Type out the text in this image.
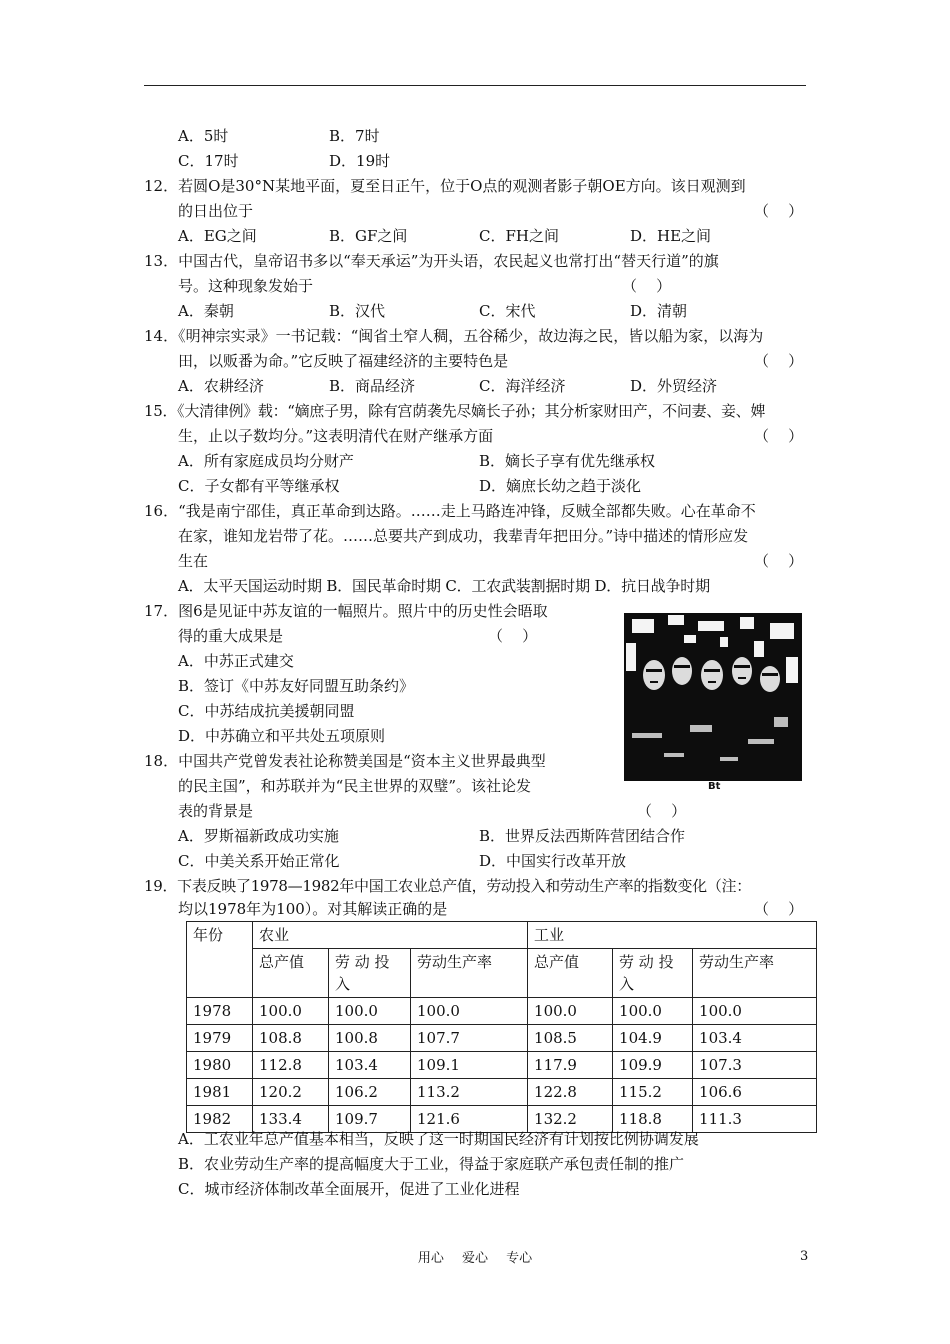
A．5时	B．7时
C．17时	D．19时
12．若圆O是30°N某地平面，夏至日正午，位于O点的观测者影子朝OE方向。该日观测到
的日出位于	（    ）
A．EG之间	B．GF之间	C．FH之间	D．HE之间
13．中国古代，皇帝诏书多以“奉天承运”为开头语，农民起义也常打出“替天行道”的旗
号。这种现象发始于	（    ）
A．秦朝	B．汉代	C．宋代	D．清朝
14．《明神宗实录》一书记载：“闽省土窄人稠，五谷稀少，故边海之民，皆以船为家，以海为
田，以贩番为命。”它反映了福建经济的主要特色是	（    ）
A．农耕经济	B．商品经济	C．海洋经济	D．外贸经济
15．《大清律例》载：“嫡庶子男，除有宫荫袭先尽嫡长子孙；其分析家财田产，不问妻、妾、婢
生，止以子数均分。”这表明清代在财产继承方面	（    ）
A．所有家庭成员均分财产	B．嫡长子享有优先继承权
C．子女都有平等继承权	D．嫡庶长幼之趋于淡化
16．“我是南宁邵佳，真正革命到达路。……走上马路连冲锋，反贼全部都失败。心在革命不
在家，谁知龙岩带了花。……总要共产到成功，我辈青年把田分。”诗中描述的情形应发
生在	（    ）
A．太平天国运动时期 B．国民革命时期 C．工农武装割据时期 D．抗日战争时期
17．图6是见证中苏友谊的一幅照片。照片中的历史性会晤取
得的重大成果是	（    ）
A．中苏正式建交
B．签订《中苏友好同盟互助条约》
C．中苏结成抗美援朝同盟
D．中苏确立和平共处五项原则
Bt
18．中国共产党曾发表社论称赞美国是“资本主义世界最典型
的民主国”，和苏联并为“民主世界的双璧”。该社论发
表的背景是	（    ）
A．罗斯福新政成功实施	B．世界反法西斯阵营团结合作
C．中美关系开始正常化	D．中国实行改革开放
19．下表反映了1978—1982年中国工农业总产值，劳动投入和劳动生产率的指数变化（注：
均以1978年为100）。对其解读正确的是	（    ）
年份	农业			工业		
	总产值	劳 动 投入	劳动生产率	总产值	劳 动 投入	劳动生产率
1978	100.0	100.0	100.0	100.0	100.0	100.0
1979	108.8	100.8	107.7	108.5	104.9	103.4
1980	112.8	103.4	109.1	117.9	109.9	107.3
1981	120.2	106.2	113.2	122.8	115.2	106.6
1982	133.4	109.7	121.6	132.2	118.8	111.3
A．工农业年总产值基本相当，反映了这一时期国民经济有计划按比例协调发展
B．农业劳动生产率的提高幅度大于工业，得益于家庭联产承包责任制的推广
C．城市经济体制改革全面展开，促进了工业化进程
用心 爱心 专心	3
